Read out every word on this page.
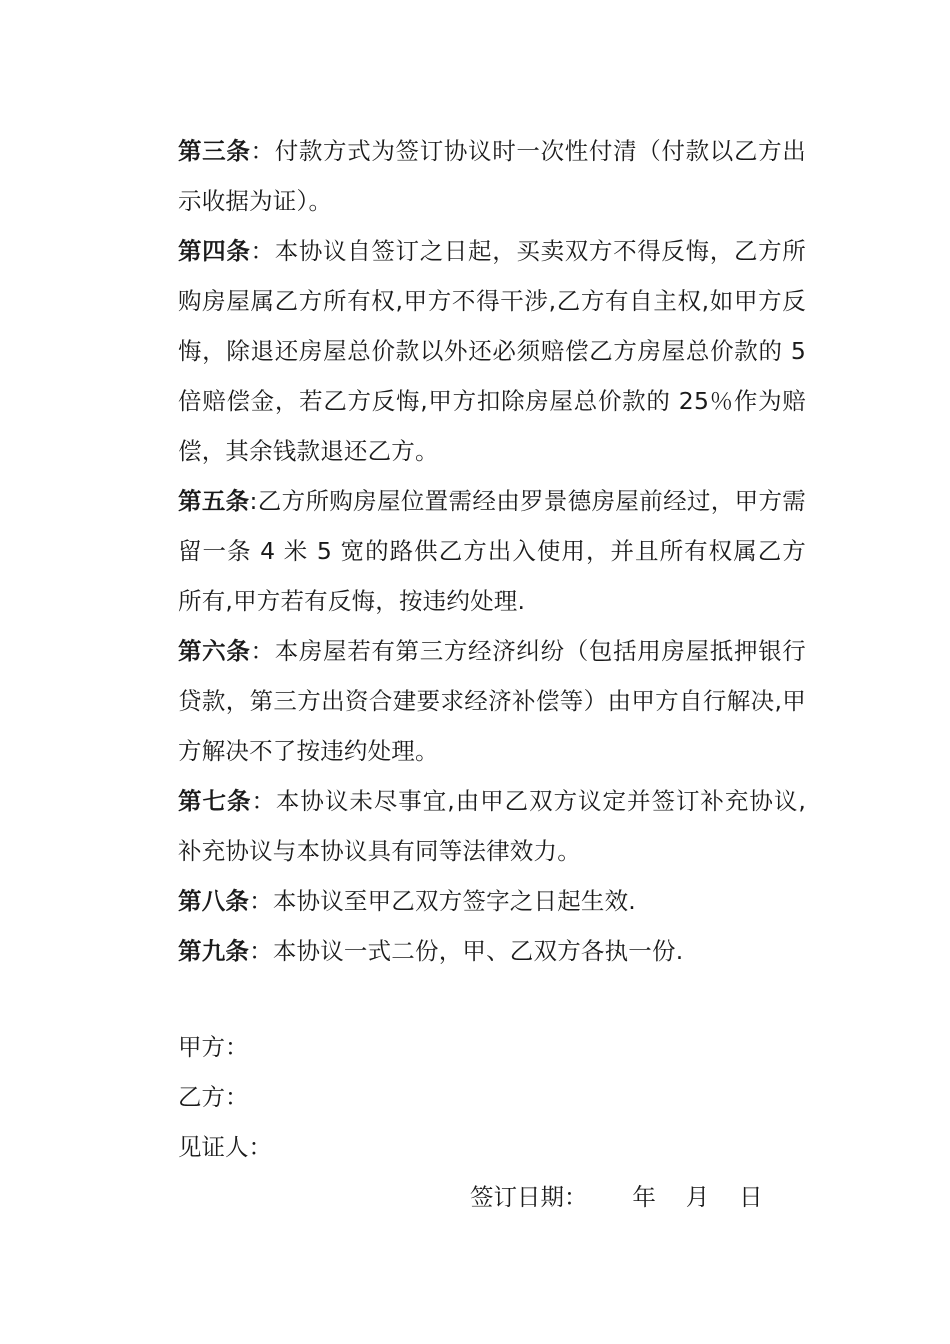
第三条：付款方式为签订协议时一次性付清（付款以乙方出示收据为证）。

第四条：本协议自签订之日起，买卖双方不得反悔，乙方所购房屋属乙方所有权,甲方不得干涉,乙方有自主权,如甲方反悔，除退还房屋总价款以外还必须赔偿乙方房屋总价款的 5 倍赔偿金，若乙方反悔,甲方扣除房屋总价款的 25％作为赔偿，其余钱款退还乙方。

第五条:乙方所购房屋位置需经由罗景德房屋前经过，甲方需留一条 4 米 5 宽的路供乙方出入使用，并且所有权属乙方所有,甲方若有反悔，按违约处理.

第六条：本房屋若有第三方经济纠纷（包括用房屋抵押银行贷款，第三方出资合建要求经济补偿等）由甲方自行解决,甲方解决不了按违约处理。

第七条：本协议未尽事宜,由甲乙双方议定并签订补充协议,补充协议与本协议具有同等法律效力。

第八条：本协议至甲乙双方签字之日起生效.

第九条：本协议一式二份，甲、乙双方各执一份.

甲方：

乙方：

见证人：

签订日期： 年 月 日
